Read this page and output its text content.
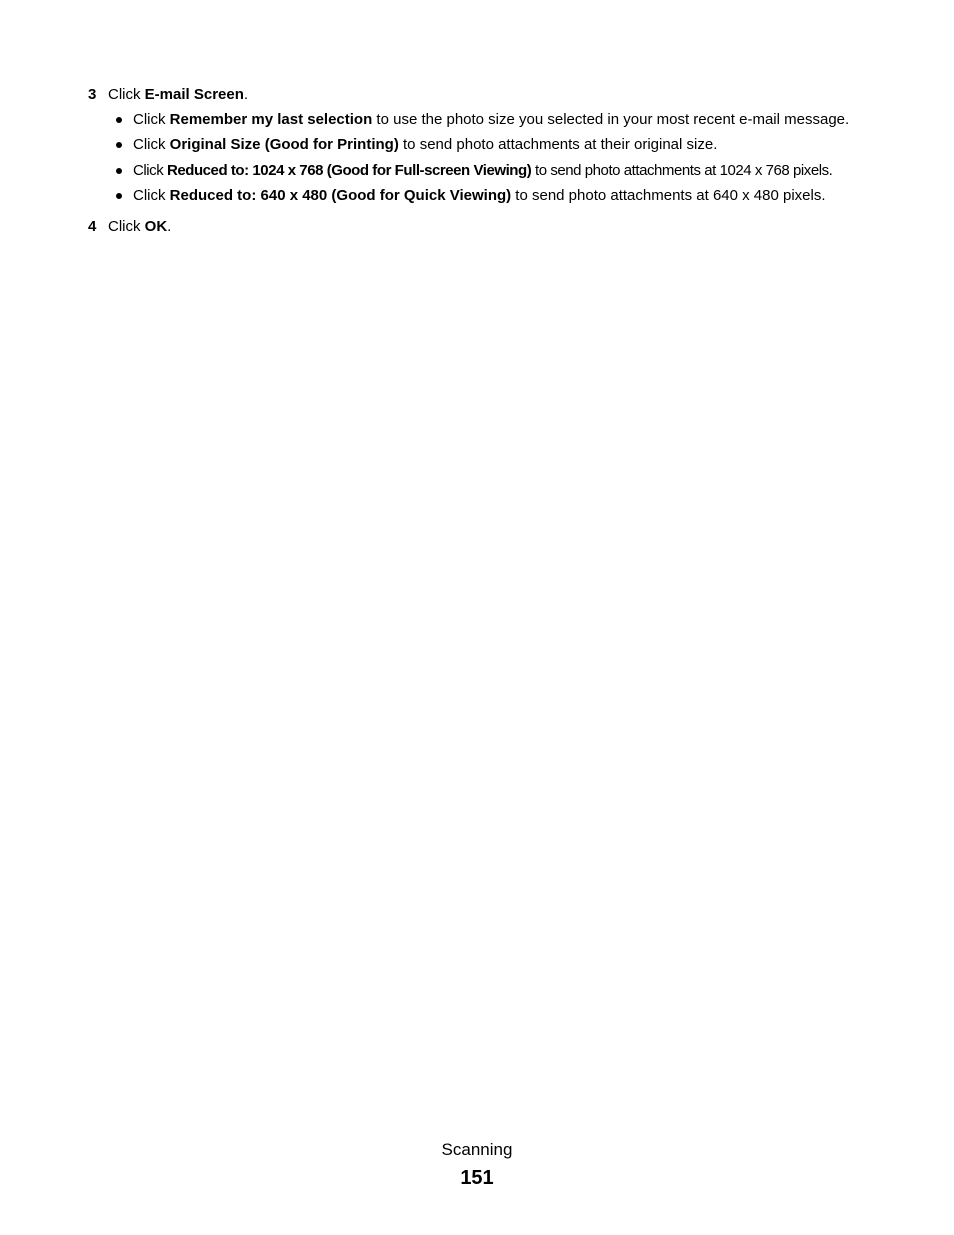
3 Click E-mail Screen.
Click Remember my last selection to use the photo size you selected in your most recent e-mail message.
Click Original Size (Good for Printing) to send photo attachments at their original size.
Click Reduced to: 1024 x 768 (Good for Full-screen Viewing) to send photo attachments at 1024 x 768 pixels.
Click Reduced to: 640 x 480 (Good for Quick Viewing) to send photo attachments at 640 x 480 pixels.
4 Click OK.
Scanning
151
